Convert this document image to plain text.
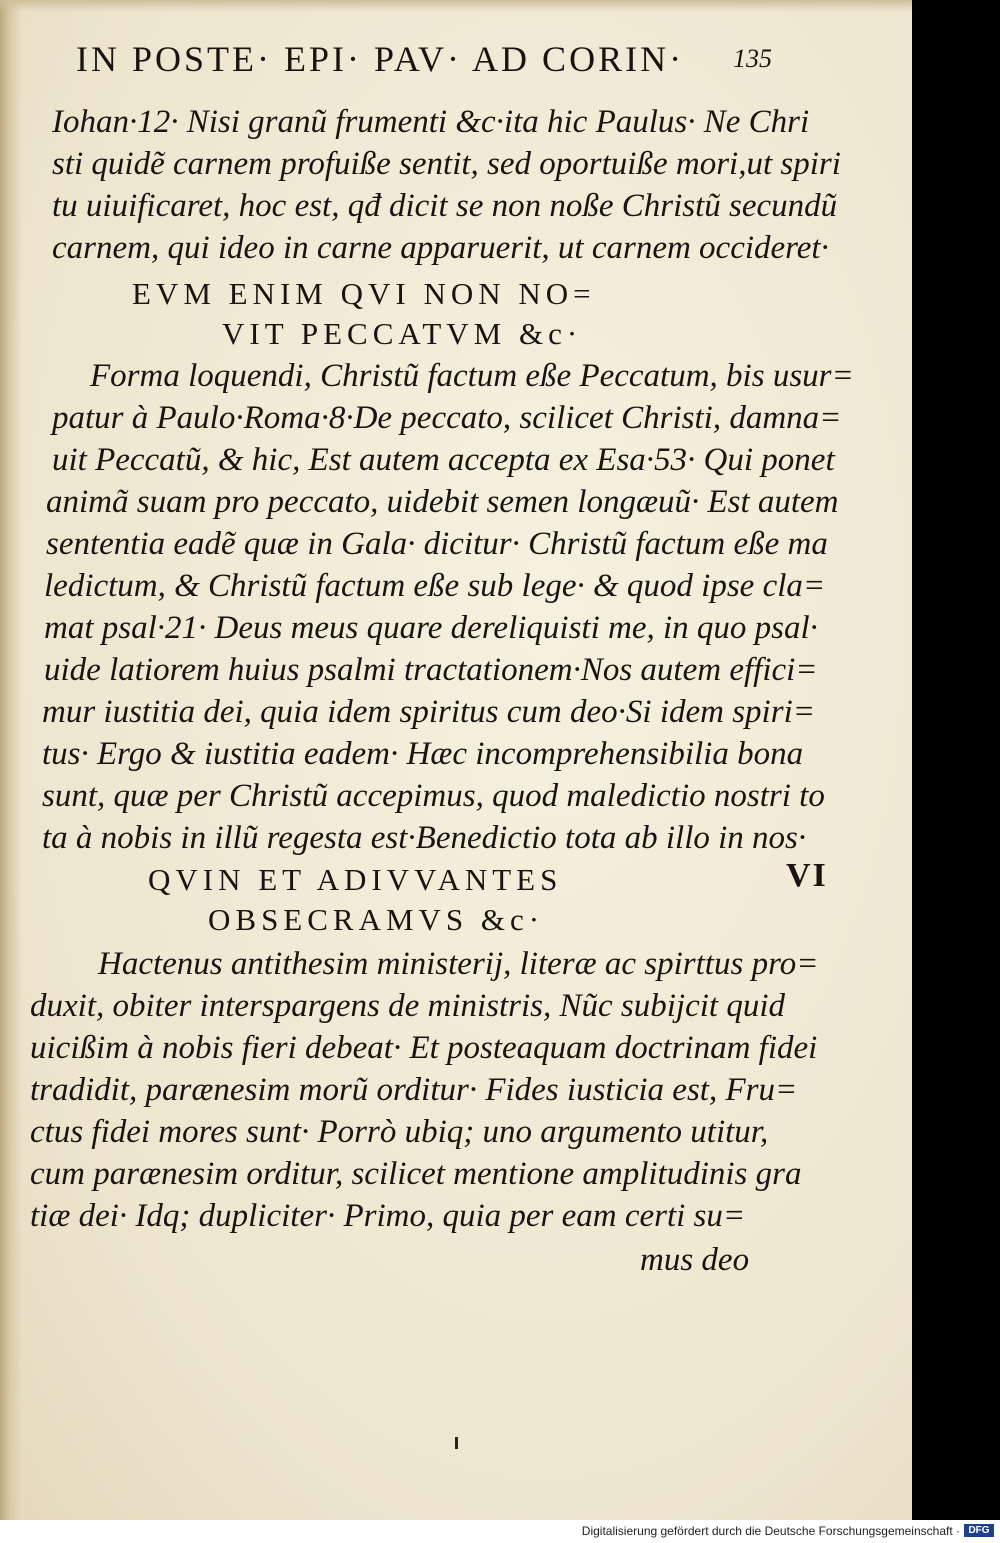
IN POSTE· EPI· PAV· AD CORIN·	135
Iohan·12· Nisi granũ frumenti &c·ita hic Paulus· Ne Chri
sti quidẽ carnem profuiße sentit, sed oportuiße mori,ut spiri
tu uiuificaret, hoc est, qđ dicit se non noße Christũ secundũ
carnem, qui ideo in carne apparuerit, ut carnem occideret·
EVM ENIM QVI NON NO=
VIT PECCATVM &c·
Forma loquendi, Christũ factum eße Peccatum, bis usur=
patur à Paulo·Roma·8·De peccato, scilicet Christi, damna=
uit Peccatũ, & hic, Est autem accepta ex Esa·53· Qui ponet
animã suam pro peccato, uidebit semen longæuũ· Est autem
sententia eadẽ quæ in Gala· dicitur· Christũ factum eße ma
ledictum, & Christũ factum eße sub lege· & quod ipse cla=
mat psal·21· Deus meus quare dereliquisti me, in quo psal·
uide latiorem huius psalmi tractationem·Nos autem effici=
mur iustitia dei, quia idem spiritus cum deo·Si idem spiri=
tus· Ergo & iustitia eadem· Hæc incomprehensibilia bona
sunt, quæ per Christũ accepimus, quod maledictio nostri to
ta à nobis in illũ regesta est·Benedictio tota ab illo in nos·
QVIN ET ADIVVANTES
OBSECRAMVS &c·
Hactenus antithesim ministerij, literæ ac spirttus pro=
duxit, obiter interspargens de ministris, Nũc subijcit quid
uicißim à nobis fieri debeat· Et posteaquam doctrinam fidei
tradidit, parænesim morũ orditur· Fides iusticia est, Fru=
ctus fidei mores sunt· Porrò ubiq; uno argumento utitur,
cum parænesim orditur, scilicet mentione amplitudinis gra
tiæ dei· Idq; dupliciter· Primo, quia per eam certi su=
mus deo
VI
Digitalisierung gefördert durch die Deutsche Forschungsgemeinschaft · DFG
